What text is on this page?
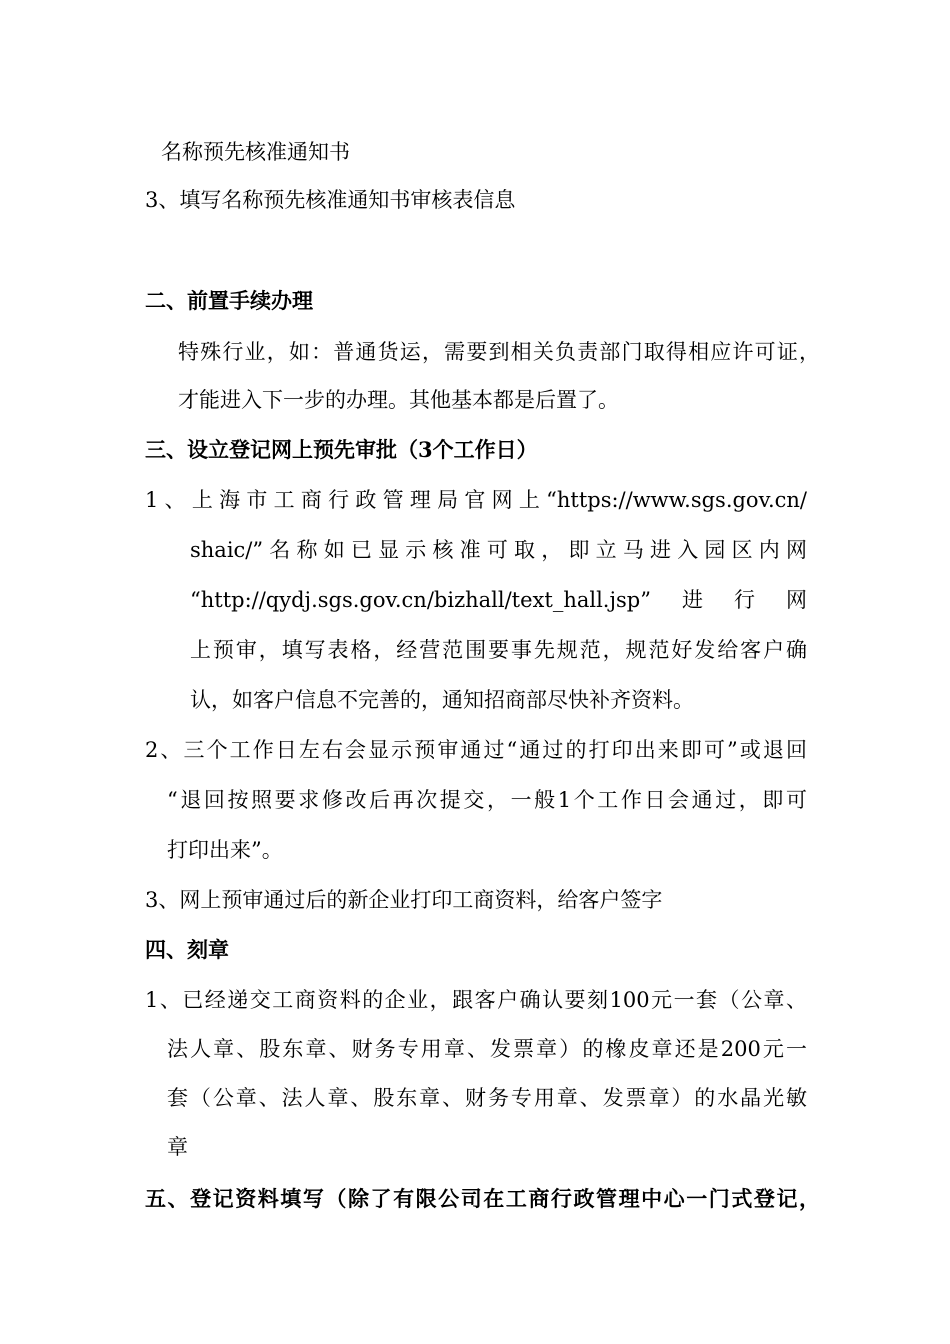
名称预先核准通知书
3、填写名称预先核准通知书审核表信息
二、前置手续办理
特殊行业，如：普通货运，需要到相关负责部门取得相应许可证，
才能进入下一步的办理。其他基本都是后置了。
三、设立登记网上预先审批（3个工作日）
1、上海市工商行政管理局官网上“https://www.sgs.gov.cn/
shaic/”名称如已显示核准可取，即立马进入园区内网
“http://qydj.sgs.gov.cn/bizhall/text_hall.jsp”进行网
上预审，填写表格，经营范围要事先规范，规范好发给客户确
认，如客户信息不完善的，通知招商部尽快补齐资料。
2、三个工作日左右会显示预审通过“通过的打印出来即可”或退回
“退回按照要求修改后再次提交，一般1个工作日会通过，即可
打印出来”。
3、网上预审通过后的新企业打印工商资料，给客户签字
四、刻章
1、已经递交工商资料的企业，跟客户确认要刻100元一套（公章、
法人章、股东章、财务专用章、发票章）的橡皮章还是200元一
套（公章、法人章、股东章、财务专用章、发票章）的水晶光敏
章
五、登记资料填写（除了有限公司在工商行政管理中心一门式登记，
